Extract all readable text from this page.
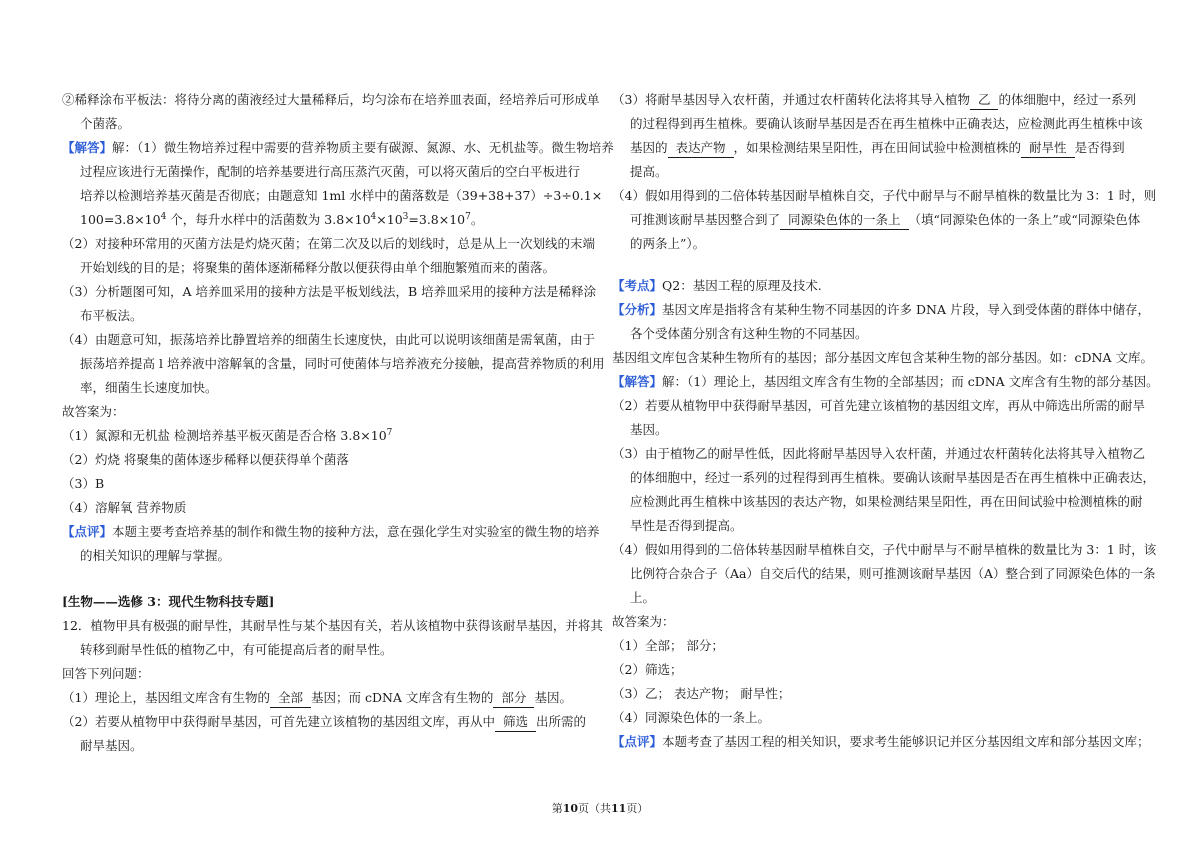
②稀释涂布平板法：将待分离的菌液经过大量稀释后，均匀涂布在培养皿表面，经培养后可形成单
个菌落。
【解答】解：（1）微生物培养过程中需要的营养物质主要有碳源、氮源、水、无机盐等。微生物培养
过程应该进行无菌操作，配制的培养基要进行高压蒸汽灭菌，可以将灭菌后的空白平板进行
培养以检测培养基灭菌是否彻底；由题意知 1ml 水样中的菌落数是（39+38+37）÷3÷0.1×
$100=3.8\times 10^4$ 个，每升水样中的活菌数为 $3.8\times 10^4\times 10^3=3.8\times 10^7$。
（2）对接种环常用的灭菌方法是灼烧灭菌；在第二次及以后的划线时，总是从上一次划线的末端
开始划线的目的是；将聚集的菌体逐渐稀释分散以便获得由单个细胞繁殖而来的菌落。
（3）分析题图可知，A 培养皿采用的接种方法是平板划线法，B 培养皿采用的接种方法是稀释涂
布平板法。
（4）由题意可知，振荡培养比静置培养的细菌生长速度快，由此可以说明该细菌是需氧菌，由于
振荡培养提高 l 培养液中溶解氧的含量，同时可使菌体与培养液充分接触，提高营养物质的利用
率，细菌生长速度加快。
故答案为：
（1）氮源和无机盐 检测培养基平板灭菌是否合格 $3.8\times 10^7$
（2）灼烧 将聚集的菌体逐步稀释以便获得单个菌落
（3）B
（4）溶解氧 营养物质
【点评】本题主要考查培养基的制作和微生物的接种方法，意在强化学生对实验室的微生物的培养
的相关知识的理解与掌握。
[生物——选修 3：现代生物科技专题]
12．植物甲具有极强的耐旱性，其耐旱性与某个基因有关，若从该植物中获得该耐旱基因，并将其
转移到耐旱性低的植物乙中，有可能提高后者的耐旱性。
回答下列问题：
（1）理论上，基因组文库含有生物的 全部 基因；而 cDNA 文库含有生物的 部分 基因。
（2）若要从植物甲中获得耐旱基因，可首先建立该植物的基因组文库，再从中 筛选 出所需的
耐旱基因。
（3）将耐旱基因导入农杆菌，并通过农杆菌转化法将其导入植物 乙 的体细胞中，经过一系列
的过程得到再生植株。要确认该耐旱基因是否在再生植株中正确表达，应检测此再生植株中该
基因的 表达产物 ，如果检测结果呈阳性，再在田间试验中检测植株的 耐旱性 是否得到
提高。
（4）假如用得到的二倍体转基因耐旱植株自交，子代中耐旱与不耐旱植株的数量比为 3：1 时，则
可推测该耐旱基因整合到了 同源染色体的一条上 （填“同源染色体的一条上”或“同源染色体
的两条上”）。
【考点】Q2：基因工程的原理及技术.
【分析】基因文库是指将含有某种生物不同基因的许多 DNA 片段，导入到受体菌的群体中储存，
各个受体菌分别含有这种生物的不同基因。
基因组文库包含某种生物所有的基因；部分基因文库包含某种生物的部分基因。如：cDNA 文库。
【解答】解：（1）理论上，基因组文库含有生物的全部基因；而 cDNA 文库含有生物的部分基因。
（2）若要从植物甲中获得耐旱基因，可首先建立该植物的基因组文库，再从中筛选出所需的耐旱
基因。
（3）由于植物乙的耐旱性低，因此将耐旱基因导入农杆菌，并通过农杆菌转化法将其导入植物乙
的体细胞中，经过一系列的过程得到再生植株。要确认该耐旱基因是否在再生植株中正确表达，
应检测此再生植株中该基因的表达产物，如果检测结果呈阳性，再在田间试验中检测植株的耐
旱性是否得到提高。
（4）假如用得到的二倍体转基因耐旱植株自交，子代中耐旱与不耐旱植株的数量比为 3：1 时，该
比例符合杂合子（Aa）自交后代的结果，则可推测该耐旱基因（A）整合到了同源染色体的一条
上。
故答案为：
（1）全部； 部分；
（2）筛选；
（3）乙； 表达产物； 耐旱性；
（4）同源染色体的一条上。
【点评】本题考查了基因工程的相关知识，要求考生能够识记并区分基因组文库和部分基因文库；
第10页（共11页）
